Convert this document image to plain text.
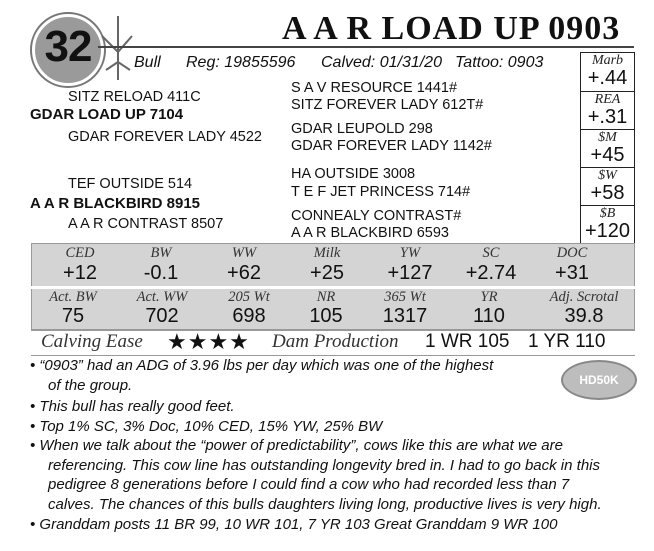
32	A A R LOAD UP 0903
Bull Reg: 19855596 Calved: 01/31/20 Tattoo: 0903
SITZ RELOAD 411C
GDAR LOAD UP 7104
GDAR FOREVER LADY 4522
S A V RESOURCE 1441#
SITZ FOREVER LADY 612T#
GDAR LEUPOLD 298
GDAR FOREVER LADY 1142#
TEF OUTSIDE 514
A A R BLACKBIRD 8915
A A R CONTRAST 8507
HA OUTSIDE 3008
T E F JET PRINCESS 714#
CONNEALY CONTRAST#
A A R BLACKBIRD 6593
Marb
+.44
REA
+.31
$M
+45
$W
+58
$B
+120
CED
+12
BW
-0.1
WW
+62
Milk
+25
YW
+127
SC
+2.74
DOC
+31
Act. BW
75
Act. WW
702
205 Wt
698
NR
105
365 Wt
1317
YR
110
Adj. Scrotal
39.8
Calving Ease ★★★★ Dam Production 1 WR 105 1 YR 110
HD50K
• “0903” had an ADG of 3.96 lbs per day which was one of the highest
of the group.
• This bull has really good feet.
• Top 1% SC, 3% Doc, 10% CED, 15% YW, 25% BW
• When we talk about the “power of predictability”, cows like this are what we are
referencing. This cow line has outstanding longevity bred in. I had to go back in this
pedigree 8 generations before I could find a cow who had recorded less than 7
calves. The chances of this bulls daughters living long, productive lives is very high.
• Granddam posts 11 BR 99, 10 WR 101, 7 YR 103 Great Granddam 9 WR 100
